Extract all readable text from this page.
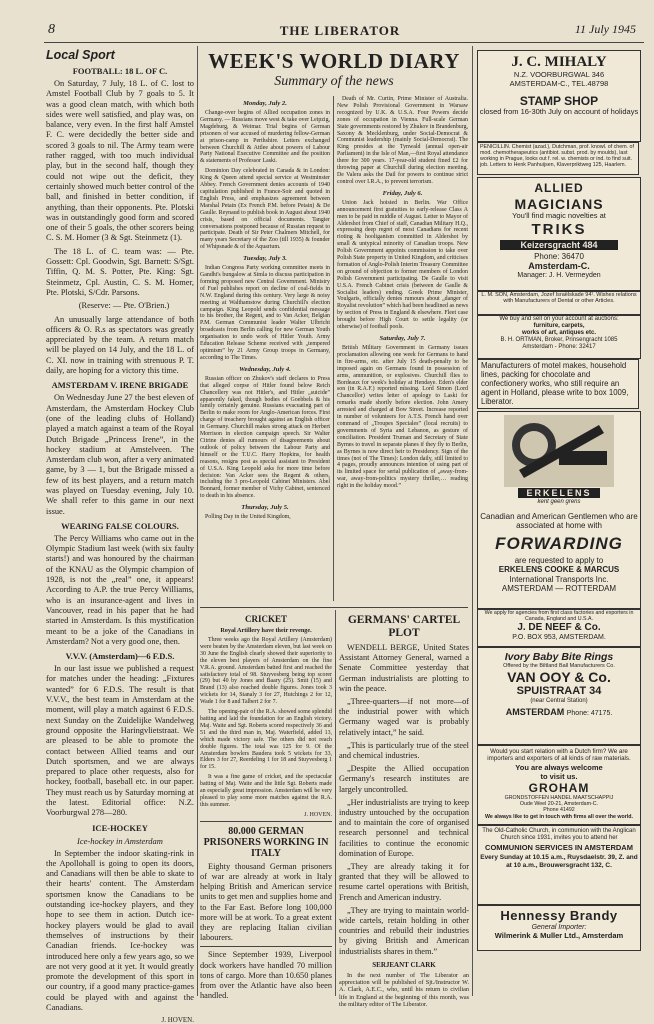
8	THE LIBERATOR	11 July 1945
Local Sport
FOOTBALL: 18 L. OF C.

On Saturday, 7 July, 18 L. of C. lost to Amstel Football Club by 7 goals to 5. It was a good clean match, with which both sides were well satisfied, and play was, on balance, very even. In the first half Amstel F. C. were decidedly the better side and scored 3 goals to nil. The Army team were rather ragged, with too much individual play, but in the second half, though they could not wipe out the deficit, they certainly showed much better control of the ball, and finished in better condition, if anything, than their opponents. Pte. Plotski was in outstandingly good form and scored one of their 5 goals, the other scorers being C. S. M. Homer (3 & Sgt. Steinmetz (1).

The 18 L. of C. team was: — Pte. Gossett: Cpl. Goodwin, Sgt. Barnett: S/Sgt. Tiffin, Q. M. S. Potter, Pte. King: Sgt. Steinmetz, Cpl. Austin, C. S. M. Homer, Pte. Plotski, S/Cdr. Parsons.

(Reserve: — Pte. O'Brien.)

An unusually large attendance of both officers & O. R.s as spectators was greatly appreciated by the team. A return match will be played on 14 July, and the 18 L. of C. XI. now in training with strenuous P. T. daily, are hoping for a victory this time.

AMSTERDAM V. IRENE BRIGADE

On Wednesday June 27 the best eleven of Amsterdam, the Amsterdam Hockey Club (one of the leading clubs of Holland) played a match against a team of the Royal Dutch Brigade „Princess Irene”, in the hockey stadium at Amstelveen. The Amsterdam club won, after a very animated game, by 3 — 1, but the Brigade missed a few of its best players, and a return match was played on Tuesday evening, July 10. We shall refer to this game in our next issue.

WEARING FALSE COLOURS.

The Percy Williams who came out in the Olympic Stadium last week (with six faulty starts!) and was honoured by the chairman of the KNAU as the Olympic champion of 1928, is not the „real” one, it appears! According to A.P. the true Percy Williams, who is an insurance-agent and lives in Vancouver, read in his paper that he had started in Amsterdam. Is this mystification meant to be a joke of the Canadians in Amsterdam? Not a very good one, then.

V.V.V. (Amsterdam)—6 F.D.S.

In our last issue we published a request for matches under the heading: „Fixtures wanted” for 6 F.D.S. The result is that V.V.V., the best team in Amsterdam at the moment, will play a match against 6 F.D.S. next Sunday on the Zuidelijke Wandelweg ground opposite the Haringvlietstraat. We are pleased to be able to promote the contact between Allied teams and our Dutch sportsmen, and we are always prepared to place other requests, also for hockey, football, baseball etc. in our paper. They must reach us by Saturday morning at the latest. Editorial office: N.Z. Voorburgwal 278—280.

ICE-HOCKEY
Ice-hockey in Amsterdam

In September the indoor skating-rink in the Apollohall is going to open its doors, and Canadians will then be able to skate to their hearts' content. The Amsterdam sportsmen know the Canadians to be outstanding ice-hockey players, and they hope to see them in action. Dutch ice-hockey players would be glad to avail themselves of instructions by their Canadian friends. Ice-hockey was introduced here only a few years ago, so we are not very good at it yet. It would greatly promote the development of this sport in our country, if a good many practice-games could be played with and against the Canadians.

J. HOVEN.
WEEK'S WORLD DIARY
Summary of the news
Monday, July 2.

Change-over begins of Allied occupation zones in Germany. — Russians move west & take over Leipzig, Magdeburg, & Weimar. Trial begins of German prisoners of war accused of murdering fellow-German at prison-camp in Perthshire. Letters exchanged between Churchill & Attlee about powers of Labour Party National Executive Committee and the position & statements of Professor Laski.

Dominion Day celebrated in Canada & in London: King & Queen attend special service at Westminster Abbey. French Government denies accounts of 1940 capitulation published in France-Soir and quoted in English Press, and emphasizes agreement between Marshal Petain (Ex French P.M. before Petain) & De Gaulle. Reynaud to publish book in August about 1940 crisis, based on official documents. Tangier conversations postponed because of Russian request to participate. Death of Sir Peter Chalmers Mitchell, for many years Secretary of the Zoo (till 1935) & founder of Whipsnade & of the Aquarium.

Tuesday, July 3.

Indian Congress Party working committee meets in Gandhi's bungalow at Simla to discuss participation in forming proposed new Central Government. Ministry of Fuel publishes report on decline of coal-fields in N.W. England during this century. Very large & noisy meeting at Walthamstow during Churchill's election campaign. King Leopold sends confidential message to his brother, the Regent, and to Van Acker, Belgian P.M. German Communist leader Walter Ulbricht broadcasts from Berlin calling for new German Youth organisation to undo work of Hitler Youth. Army Education Release Scheme received with „tempered optimism” by 21 Army Group troops in Germany, according to The Times.

Wednesday, July 4.

Russian officer on Zhukov's staff declares to Press that alleged corpse of Hitler found below Reich Chancellery was not Hitler's, and Hitler „suicide” apparently faked, though bodies of Goebbels & his family certainly genuine. Russians evacuating part of Berlin to make room for Anglo-American forces. First charge of treachery brought against an English officer in Germany. Churchill makes strong attack on Herbert Morrison in election campaign speech. Sir Walter Citrine denies all rumours of disagreements about outlook of policy between the Labour Party and himself or the T.U.C. Harry Hopkins, for health reasons, resigns post as special assistant to President of U.S.A. King Leopold asks for more time before decision: Van Acker sees the Regent & others, including the 3 pro-Leopold Cabinet Ministers. Abel Bonnard, former member of Vichy Cabinet, sentenced to death in his absence.

Thursday, July 5.

Polling Day in the United Kingdom,

Death of Mr. Curtin, Prime Minister of Australia. New Polish Provisional Government in Warsaw recognized by U.K. & U.S.A. Four Powers decide zones of occupation in Vienna. Full-scale German State governments restored by Zhukov in Brandenburg, Saxony & Mecklenburg, under Social-Democrat & Communist leadership (mainly Social-Democrat). The King presides at the Tynwald (annual open-air Parliament) in the Isle of Man,—first Royal attendance there for 300 years. 17-year-old student fined £2 for throwing paper at Churchill during election meeting. De Valera asks the Dail for powers to continue strict control over I.R.A., to prevent terrorism.

Friday, July 6.

Union Jack hoisted in Berlin. War Office announcement first gratuities to early-release Class A men to be paid in middle of August. Letter to Mayor of Aldershot from Chief of staff, Canadian Military H.Q., expressing deep regret of most Canadians for recent rioting & hooliganism committed in Aldershot by small & untypical minority of Canadian troops. New Polish Government appoints commission to take over Polish State property in United Kingdom, and criticises formation of Anglo-Polish Interim Treasury Committee on ground of objection to former members of London Polish Government participating. De Gaulle to visit U.S.A. French Cabinet crisis (between de Gaulle & Socialist leaders) ending. Greek Prime Minister, Voulgaris, officially denies rumours about „danger of Royalist revolution” which had been headlined as news by section of Press in England & elsewhere. Fleet case brought before High Court to settle legality (or otherwise) of football pools.

Saturday, July 7.

British Military Government in Germany issues proclamation allowing one week for Germans to hand in fire-arms, etc. after July 15 death-penalty to be imposed again on Germans found in possession of arms, ammunition, or explosives. Churchill flies to Bordeaux for week's holiday at Hendaye. Eden's elder son (in R.A.F.) reported missing. Lord Simon (Lord Chancellor) writes letter of apology to Laski for remarks made shortly before election. John Amery arrested and charged at Bow Street. Increase reported in number of volunteers for A.T.S. French hand over command of „Troupes Speciales” (local recruits) to governments of Syria and Lebanon, as gesture of conciliation. President Truman and Secretary of State Byrnes to travel in separate planes if they fly to Berlin, as Byrnes is now direct heir to Presidency. Sign of the times (not of The Times): London daily, still limited to 4 pages, proudly announces intention of using part of its limited space for serial publication of „away-from-war, away-from-politics mystery thriller,… reading right in the holiday mood.”

CRICKET
Royal Artillery have their revenge.

Three weeks ago the Royal Artillery (Amsterdam) were beaten by the Amsterdam eleven, but last week on 30 June the English clearly showed their superiority to the eleven best players of Amsterdam on the fine V.R.A. ground. Amsterdam batted first and reached the satisfactory total of 98. Stuyvesberg being top scorer (29) but 40 by Jones and Baary (25). Smit (15) and Brand (13) also reached double figures. Jones took 3 wickets for 14, Stanaly 3 for 27, Hutchings 2 for 12, Wade 1 for 8 and Talbert 2 for 7.

The opening-pair of the R.A. showed some splendid batting and laid the foundation for an English victory. Maj. Waite and Sgt. Roberts scored respectively 36 and 51 and the third man in, Maj. Waterfield, added 13, which made victory safe. The others did not reach double figures. The total was 125 for 9. Of the Amsterdam bowlers Baudera took 5 wickets for 33, Elders 3 for 27, Reerdeling 1 for 18 and Stuyvesberg 1 for 15.

It was a fine game of cricket, and the spectacular batting of Maj. Waite and the little Sgt. Roberts made an especially great impression. Amsterdam will be very pleased to play some more matches against the R.A. this summer.

J. HOVEN.
80.000 GERMAN PRISONERS WORKING IN ITALY

Eighty thousand German prisoners of war are already at work in Italy helping British and American service units to get men and supplies home and to the Far East. Before long 100,000 more will be at work. To a great extent they are replacing Italian civilian labourers.

Since September 1939, Liverpool dock workers have handled 70 million tons of cargo. More than 10.650 planes from over the Atlantic have also been handled.

GERMANS' CARTEL PLOT

WENDELL BERGE, United States Assistant Attorney General, warned a Senate Committee yesterday that German industrialists are plotting to win the peace.

„Three-quarters—if not more—of the industrial power with which Germany waged war is probably relatively intact,” he said.

„This is particularly true of the steel and chemical industries.

„Despite the Allied occupation Germany's research institutes are largely uncontrolled.

„Her industrialists are trying to keep industry untouched by the occupation and to maintain the core of organised research personnel and technical facilities to continue the economic domination of Europe.

„They are already taking it for granted that they will be allowed to resume cartel operations with British, French and American industry.

„They are trying to maintain world-wide cartels, retain holding in other countries and rebuild their industries by giving British and American industrialists shares in them.”

SERJEANT CLARK

In the next number of The Liberator an appreciation will be published of Sjt./Instructor W. A. Clark, A.E.C., who, until his return to civilian life in England at the beginning of this month, was the military editor of The Liberator.

J. C. MIHALY
N.Z. VOORBURGWAL 346
AMSTERDAM-C., TEL.48798
STAMP SHOP
closed from 16-30th July on account of holidays
PENICILLIN. Chemist (azad.), Dutchman, prof. knowl. of chem. of mod. chemotherapeutics (antibiot. subst. prod. by moulds), last working in Prague, looks out f. rel. w. chemists or ind. to find suit. job. Letters to Henk Panhuijsen, Klaverpriktweg 125, Haarlem.
ALLIED
MAGICIANS
You'll find magic novelties at
TRIKS
Keizersgracht 484
Phone: 36470
Amsterdam-C.
Manager: J. H. Vermeyden
L. M. SON, Amsterdam, Jozef Israëlskade 94¹. Wishes relations with Manufacturers of Dental or other Articles.
We buy and sell on your account at auctions:
furniture, carpets,
works of art, antiques etc.
B. H. ORTMAN, Broker, Prinsengracht 1085
Amsterdam - Phone: 32417
Manufacturers of motel makes, household lines, packing for chocolate and confectionery works, who still require an agent in Holland, please write to box 1009, Liberator.
ERKELENS
kent geen grens
Canadian and American Gentlemen who are associated at home with
FORWARDING
are requested to apply to
ERKELENS COOKE & MARCUS
International Transports Inc.
AMSTERDAM — ROTTERDAM
We apply for agencies from first class factories and exporters in Canada, England and U.S.A.
J. DE NEEF & Co.
P.O. BOX 953, AMSTERDAM.
Ivory Baby Bite Rings
Offered by the Biltland Ball Manufacturers Co.
VAN OOY & Co.
SPUISTRAAT 34
(near Central Station)
AMSTERDAM Phone: 47175.
Would you start relation with a Dutch firm? We are importers and exporters of all kinds of raw materials.
You are always welcome
to visit us.
GROHAM
GRONDSTOFFEN HANDEL MAATSCHAPPIJ
Oude Weel 20-21, Amsterdam-C.
Phone 41492
We always like to get in touch with firms all over the world.
The Old-Catholic Church, in communion with the Anglican Church since 1931, invites you to attend her
COMMUNION SERVICES IN AMSTERDAM
Every Sunday at 10.15 a.m., Ruysdaelstr. 39, Z. and at 10 a.m., Brouwersgracht 132, C.
Hennessy Brandy
General Importer:
Wilmerink & Muller Ltd., Amsterdam
